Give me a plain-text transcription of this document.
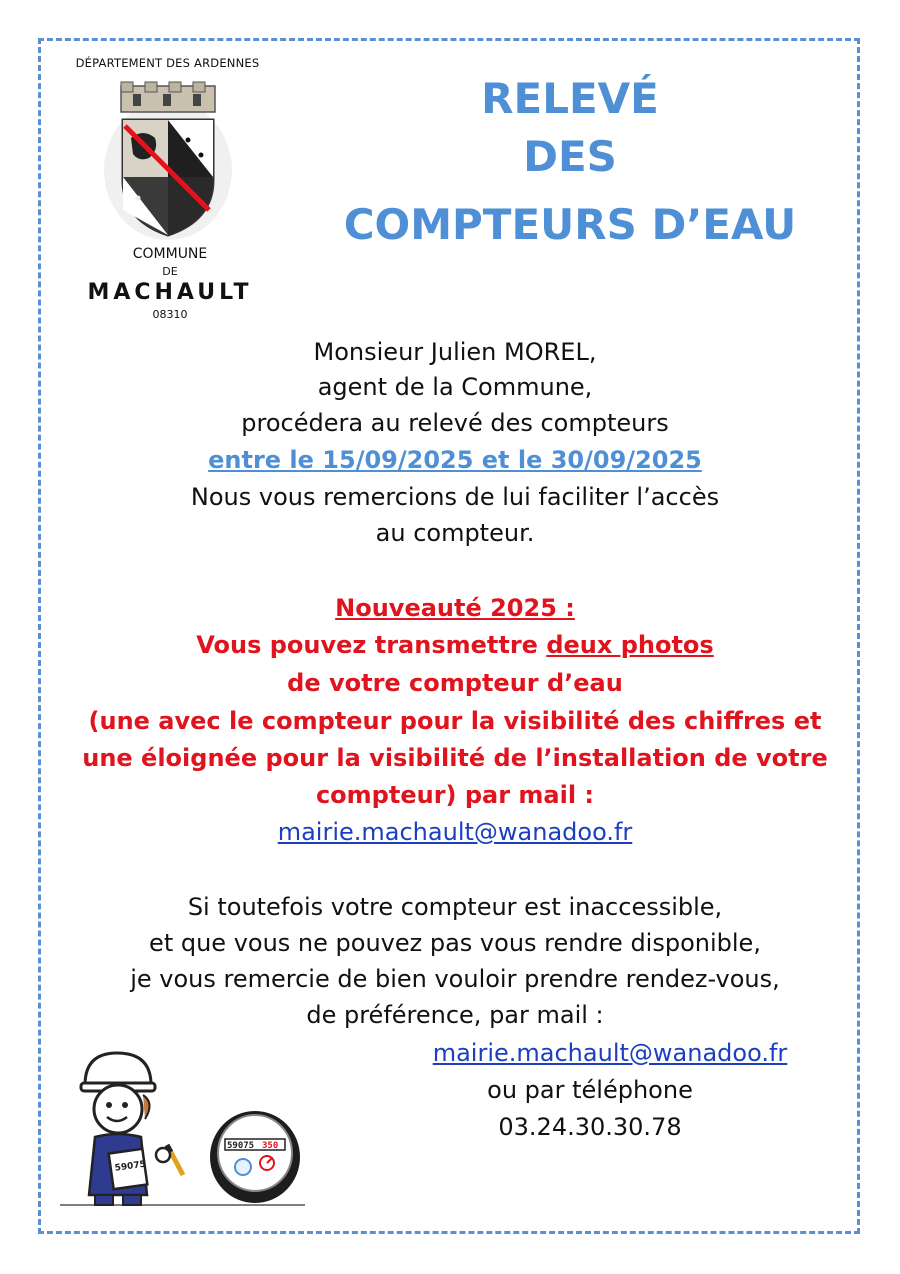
DÉPARTEMENT DES ARDENNES
COMMUNE
DE
MACHAULT
08310
RELEVÉ
DES
COMPTEURS D’EAU
Monsieur Julien MOREL,
agent de la Commune,
procédera au relevé des compteurs
entre le 15/09/2025 et le 30/09/2025
Nous vous remercions de lui faciliter l’accès
au compteur.
Nouveauté 2025 :
Vous pouvez transmettre deux photos
de votre compteur d’eau
(une avec le compteur pour la visibilité des chiffres et
une éloignée pour la visibilité de l’installation de votre
compteur) par mail :
mairie.machault@wanadoo.fr
Si toutefois votre compteur est inaccessible,
et que vous ne pouvez pas vous rendre disponible,
je vous remercie de bien vouloir prendre rendez-vous,
de préférence, par mail :
mairie.machault@wanadoo.fr
ou par téléphone
03.24.30.30.78
59075
59075 350
